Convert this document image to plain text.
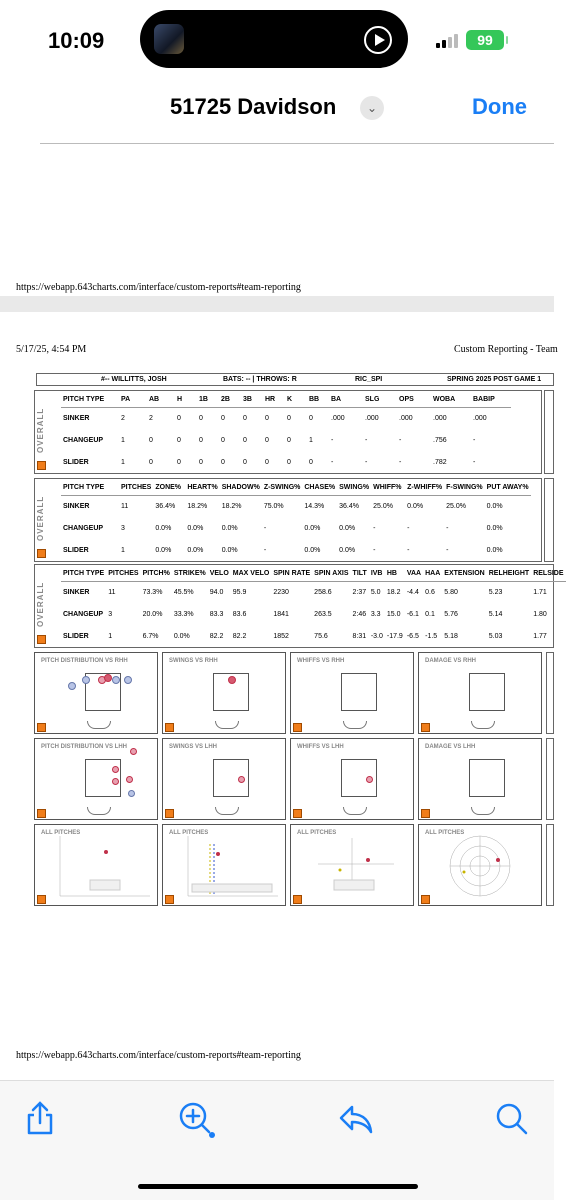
10:09	99
51725 Davidson	⌄	Done
https://webapp.643charts.com/interface/custom-reports#team-reporting
5/17/25, 4:54 PM	Custom Reporting - Team
#-- WILLITTS, JOSH	BATS: -- | THROWS: R	RIC_SPI	SPRING 2025 POST GAME 1
OVERALL
PITCH TYPE	PA	AB	H	1B	2B	3B	HR	K	BB	BA	SLG	OPS	WOBA	BABIP
SINKER	2	2	0	0	0	0	0	0	0	.000	.000	.000	.000	.000
CHANGEUP	1	0	0	0	0	0	0	0	1	-	-	-	.756	-
SLIDER	1	0	0	0	0	0	0	0	0	-	-	-	.782	-
OVERALL
PITCH TYPE	PITCHES	ZONE%	HEART%	SHADOW%	Z-SWING%	CHASE%	SWING%	WHIFF%	Z-WHIFF%	F-SWING%	PUT AWAY%
SINKER	11	36.4%	18.2%	18.2%	75.0%	14.3%	36.4%	25.0%	0.0%	25.0%	0.0%
CHANGEUP	3	0.0%	0.0%	0.0%	-	0.0%	0.0%	-	-	-	0.0%
SLIDER	1	0.0%	0.0%	0.0%	-	0.0%	0.0%	-	-	-	0.0%
OVERALL
PITCH TYPE	PITCHES	PITCH%	STRIKE%	VELO	MAX VELO	SPIN RATE	SPIN AXIS	TILT	IVB	HB	VAA	HAA	EXTENSION	RELHEIGHT	RELSIDE
SINKER	11	73.3%	45.5%	94.0	95.9	2230	258.6	2:37	5.0	18.2	-4.4	0.6	5.80	5.23	1.71
CHANGEUP	3	20.0%	33.3%	83.3	83.6	1841	263.5	2:46	3.3	15.0	-6.1	0.1	5.76	5.14	1.80
SLIDER	1	6.7%	0.0%	82.2	82.2	1852	75.6	8:31	-3.0	-17.9	-6.5	-1.5	5.18	5.03	1.77
PITCH DISTRIBUTION VS RHH	SWINGS VS RHH	WHIFFS VS RHH	DAMAGE VS RHH
PITCH DISTRIBUTION VS LHH	SWINGS VS LHH	WHIFFS VS LHH	DAMAGE VS LHH
ALL PITCHES	ALL PITCHES	ALL PITCHES	ALL PITCHES
https://webapp.643charts.com/interface/custom-reports#team-reporting
